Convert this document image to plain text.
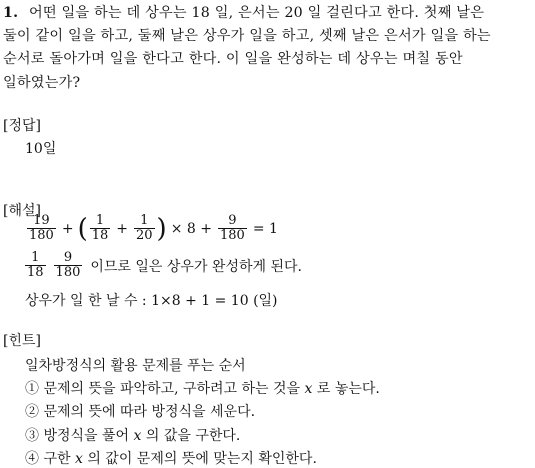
1. 어떤 일을 하는 데 상우는 18 일, 은서는 20 일 걸린다고 한다. 첫째 날은
둘이 같이 일을 하고, 둘째 날은 상우가 일을 하고, 셋째 날은 은서가 일을 하는
순서로 돌아가며 일을 한다고 한다. 이 일을 완성하는 데 상우는 며칠 동안
일하였는가?
[정답]
10일
[해설]
$\frac{19}{180}$ + ( $\frac{1}{18} + \frac{1}{20}$ ) × $8 + \frac{9}{180} = 1$
$\frac{1}{18} \frac{9}{180}$ 이므로 일은 상우가 완성하게 된다.
상우가 일 한 날 수 : 1×8 + 1 = 10 (일)
[힌트]
일차방정식의 활용 문제를 푸는 순서
① 문제의 뜻을 파악하고, 구하려고 하는 것을 x 로 놓는다.
② 문제의 뜻에 따라 방정식을 세운다.
③ 방정식을 풀어 x 의 값을 구한다.
④ 구한 x 의 값이 문제의 뜻에 맞는지 확인한다.
